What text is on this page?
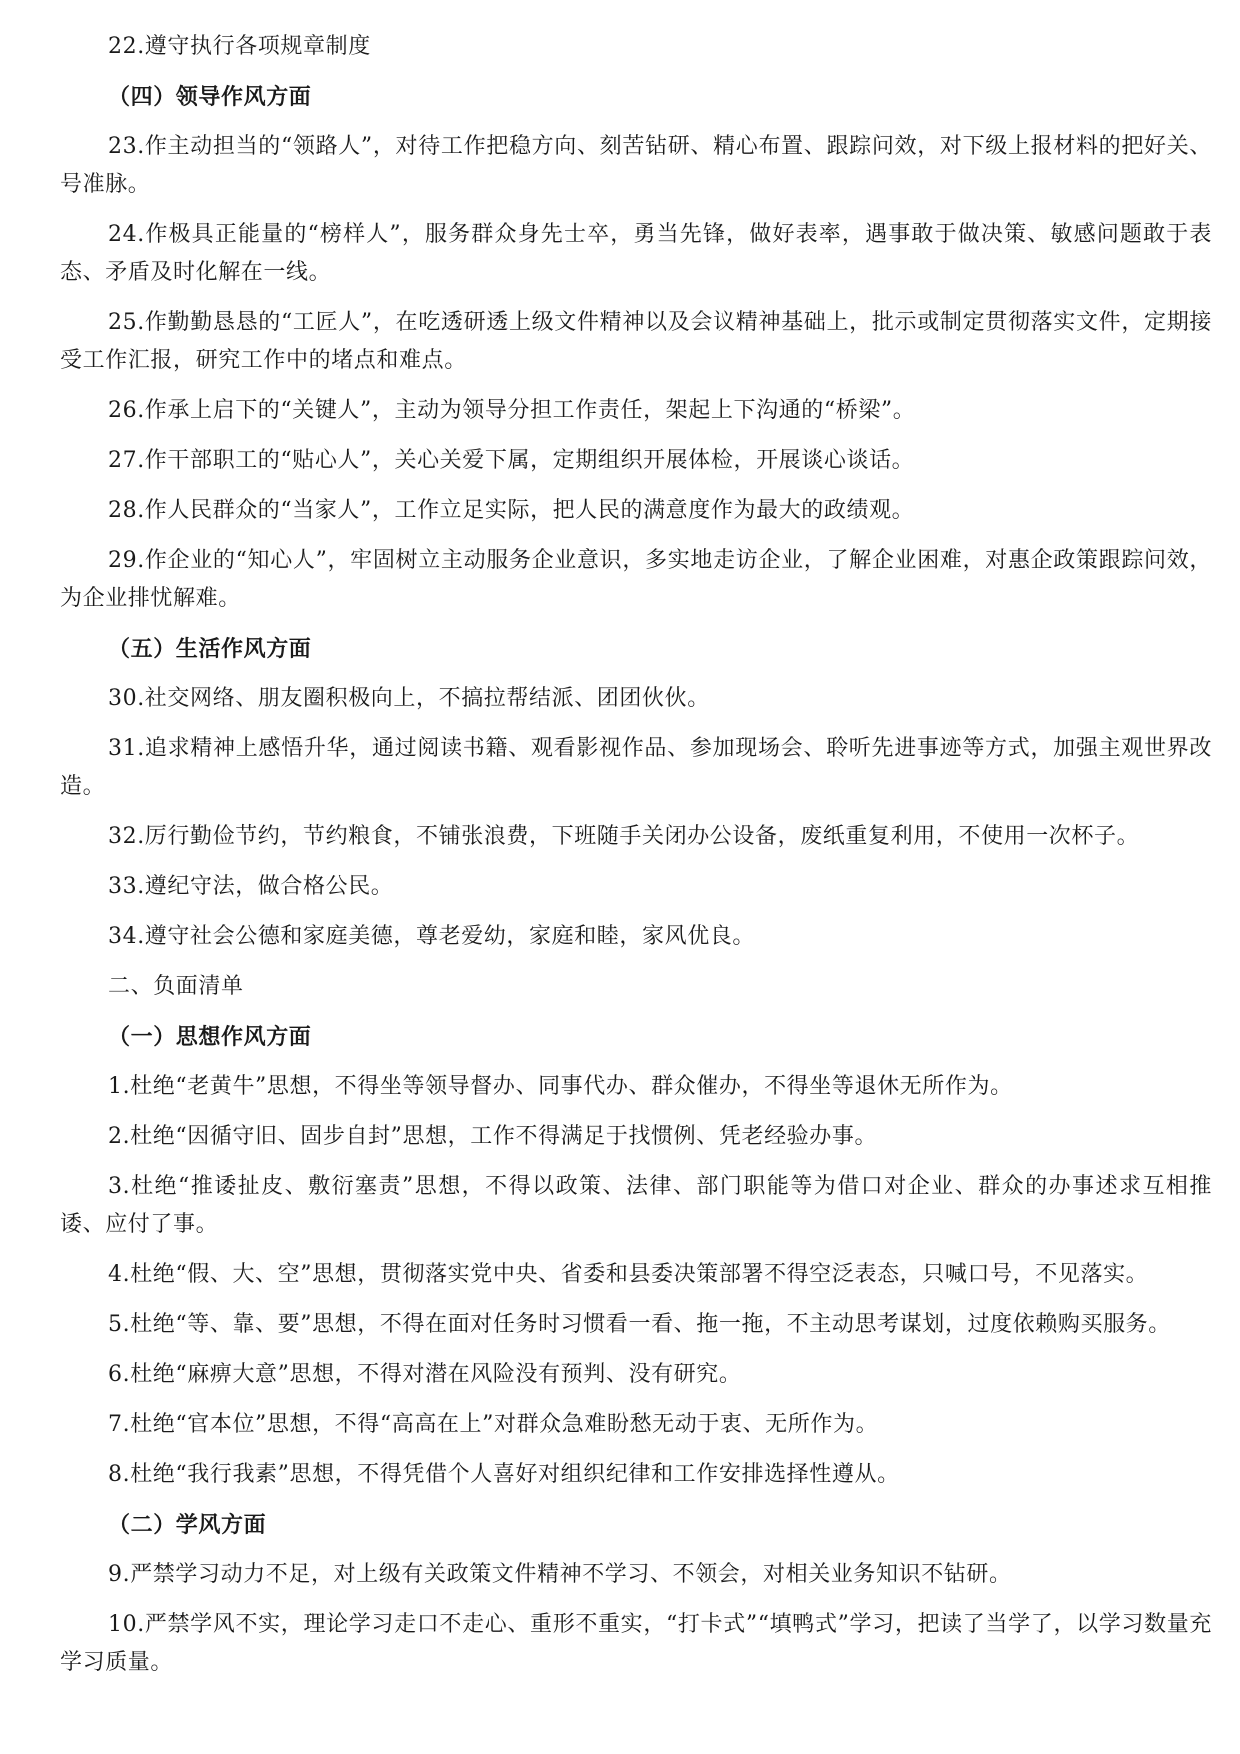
22.遵守执行各项规章制度

（四）领导作风方面

23.作主动担当的“领路人”，对待工作把稳方向、刻苦钻研、精心布置、跟踪问效，对下级上报材料的把好关、号准脉。

24.作极具正能量的“榜样人”，服务群众身先士卒，勇当先锋，做好表率，遇事敢于做决策、敏感问题敢于表态、矛盾及时化解在一线。

25.作勤勤恳恳的“工匠人”，在吃透研透上级文件精神以及会议精神基础上，批示或制定贯彻落实文件，定期接受工作汇报，研究工作中的堵点和难点。

26.作承上启下的“关键人”，主动为领导分担工作责任，架起上下沟通的“桥梁”。

27.作干部职工的“贴心人”，关心关爱下属，定期组织开展体检，开展谈心谈话。

28.作人民群众的“当家人”，工作立足实际，把人民的满意度作为最大的政绩观。

29.作企业的“知心人”，牢固树立主动服务企业意识，多实地走访企业，了解企业困难，对惠企政策跟踪问效，为企业排忧解难。

（五）生活作风方面

30.社交网络、朋友圈积极向上，不搞拉帮结派、团团伙伙。

31.追求精神上感悟升华，通过阅读书籍、观看影视作品、参加现场会、聆听先进事迹等方式，加强主观世界改造。

32.厉行勤俭节约，节约粮食，不铺张浪费，下班随手关闭办公设备，废纸重复利用，不使用一次杯子。

33.遵纪守法，做合格公民。

34.遵守社会公德和家庭美德，尊老爱幼，家庭和睦，家风优良。

二、负面清单

（一）思想作风方面

1.杜绝“老黄牛”思想，不得坐等领导督办、同事代办、群众催办，不得坐等退休无所作为。

2.杜绝“因循守旧、固步自封”思想，工作不得满足于找惯例、凭老经验办事。

3.杜绝“推诿扯皮、敷衍塞责”思想，不得以政策、法律、部门职能等为借口对企业、群众的办事述求互相推诿、应付了事。

4.杜绝“假、大、空”思想，贯彻落实党中央、省委和县委决策部署不得空泛表态，只喊口号，不见落实。

5.杜绝“等、靠、要”思想，不得在面对任务时习惯看一看、拖一拖，不主动思考谋划，过度依赖购买服务。

6.杜绝“麻痹大意”思想，不得对潜在风险没有预判、没有研究。

7.杜绝“官本位”思想，不得“高高在上”对群众急难盼愁无动于衷、无所作为。

8.杜绝“我行我素”思想，不得凭借个人喜好对组织纪律和工作安排选择性遵从。

（二）学风方面

9.严禁学习动力不足，对上级有关政策文件精神不学习、不领会，对相关业务知识不钻研。

10.严禁学风不实，理论学习走口不走心、重形不重实，“打卡式”“填鸭式”学习，把读了当学了，以学习数量充学习质量。
